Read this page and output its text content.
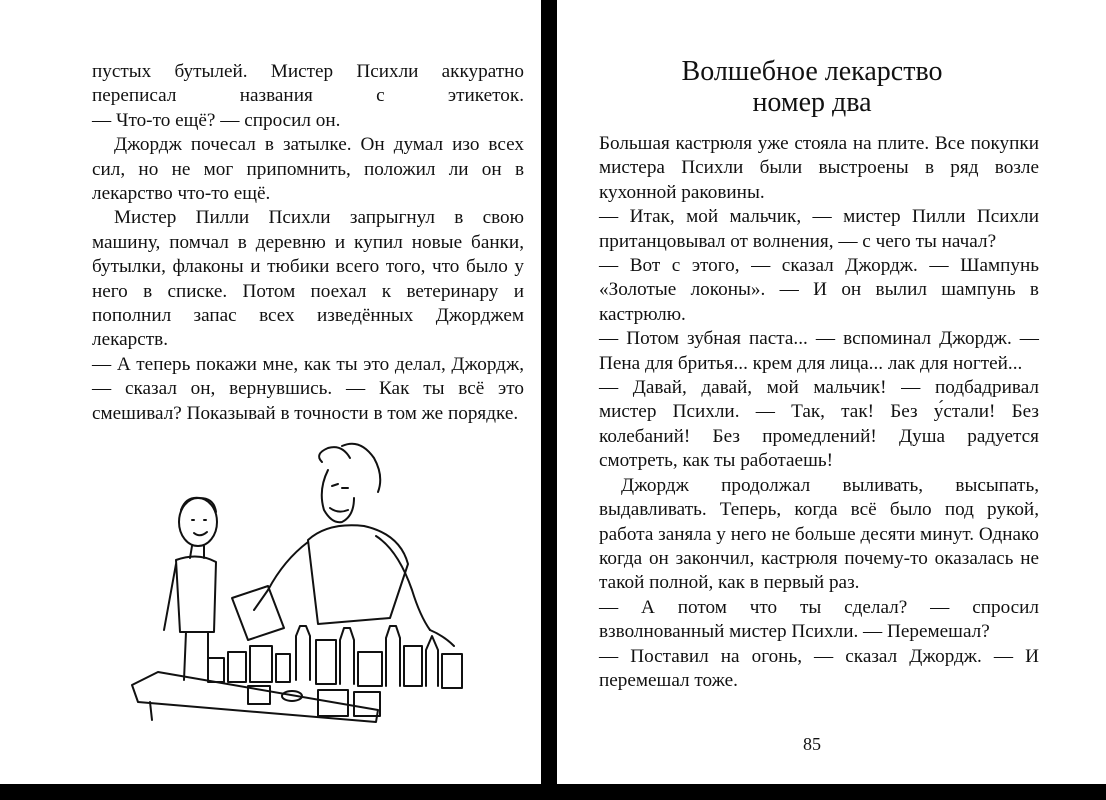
пустых бутылей. Мистер Психли аккуратно переписал названия с этикеток.

— Что-то ещё? — спросил он.

Джордж почесал в затылке. Он думал изо всех сил, но не мог припомнить, положил ли он в лекарство что-то ещё.

Мистер Пилли Психли запрыгнул в свою машину, помчал в деревню и купил новые банки, бутылки, флаконы и тюбики всего того, что было у него в списке. Потом поехал к ветеринару и пополнил запас всех изведённых Джорджем лекарств.

— А теперь покажи мне, как ты это делал, Джордж, — сказал он, вернувшись. — Как ты всё это смешивал? Показывай в точности в том же порядке.

Волшебное лекарство
номер два

Большая кастрюля уже стояла на плите. Все покупки мистера Психли были выстроены в ряд возле кухонной раковины.

— Итак, мой мальчик, — мистер Пилли Психли пританцовывал от волнения, — с чего ты начал?

— Вот с этого, — сказал Джордж. — Шампунь «Золотые локоны». — И он вылил шампунь в кастрюлю.

— Потом зубная паста... — вспоминал Джордж. — Пена для бритья... крем для лица... лак для ногтей...

— Давай, давай, мой мальчик! — подбадривал мистер Психли. — Так, так! Без у́стали! Без колебаний! Без промедлений! Душа радуется смотреть, как ты работаешь!

Джордж продолжал выливать, высыпать, выдавливать. Теперь, когда всё было под рукой, работа заняла у него не больше десяти минут. Однако когда он закончил, кастрюля почему-то оказалась не такой полной, как в первый раз.

— А потом что ты сделал? — спросил взволнованный мистер Психли. — Перемешал?

— Поставил на огонь, — сказал Джордж. — И перемешал тоже.

85
